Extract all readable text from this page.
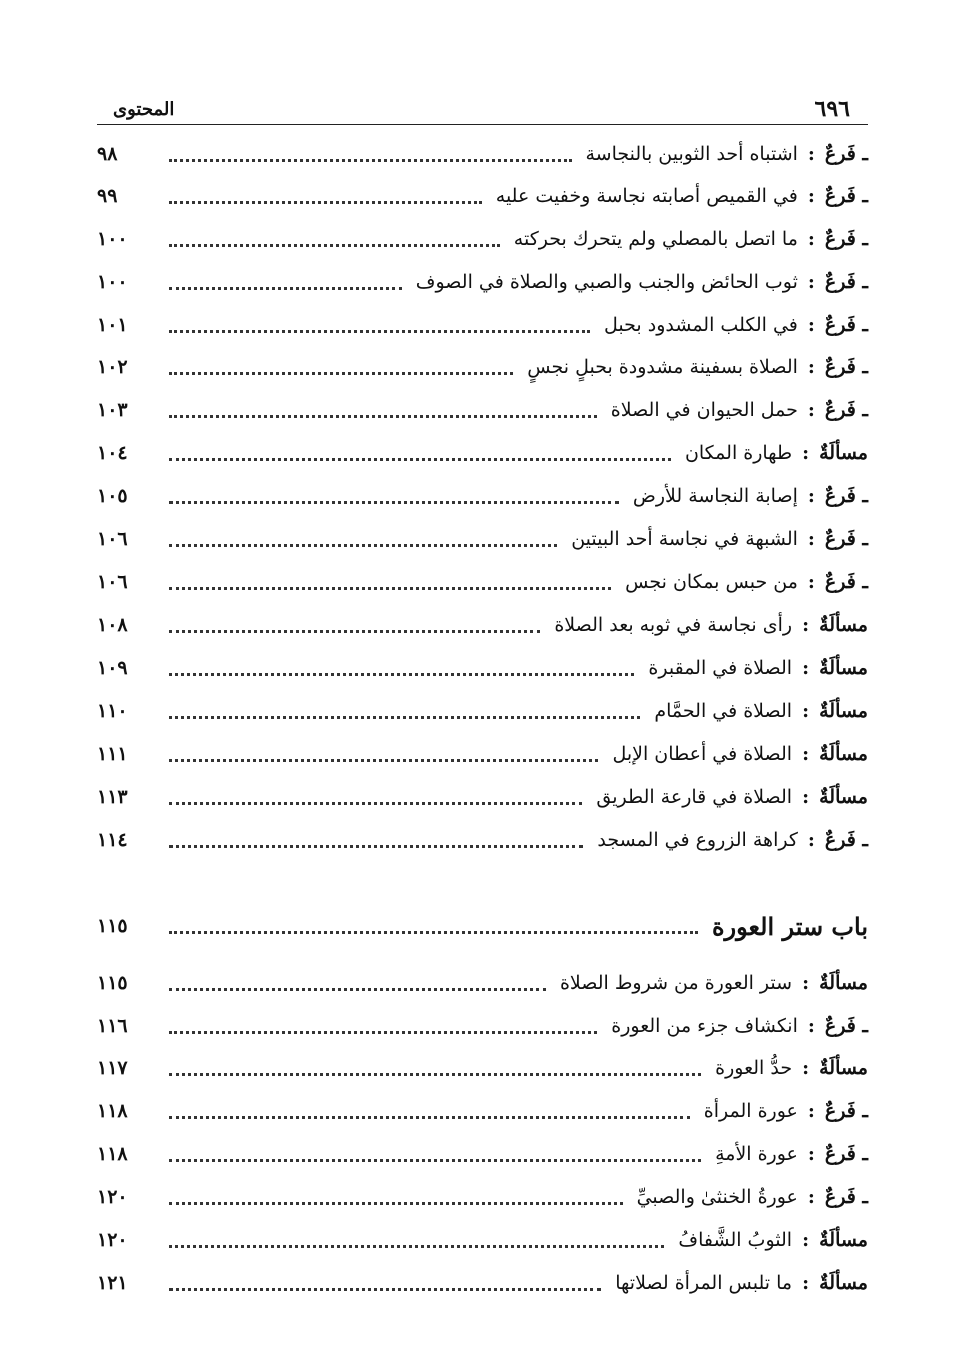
المحتوى	٦٩٦
ـ فَرعٌ
:
اشتباه أحد الثوبين بالنجاسة
٩٨
ـ فَرعٌ
:
في القميص أصابته نجاسة وخفيت عليه
٩٩
ـ فَرعٌ
:
ما اتصل بالمصلي ولم يتحرك بحركته
١٠٠
ـ فَرعٌ
:
ثوب الحائض والجنب والصبي والصلاة في الصوف
١٠٠
ـ فَرعٌ
:
في الكلب المشدود بحبل
١٠١
ـ فَرعٌ
:
الصلاة بسفينة مشدودة بحبلٍ نجسٍ
١٠٢
ـ فَرعٌ
:
حمل الحيوان في الصلاة
١٠٣
مسألَةٌ
:
طهارة المكان
١٠٤
ـ فَرعٌ
:
إصابة النجاسة للأرض
١٠٥
ـ فَرعٌ
:
الشبهة في نجاسة أحد البيتين
١٠٦
ـ فَرعٌ
:
من حبس بمكان نجس
١٠٦
مسألَةٌ
:
رأى نجاسة في ثوبه بعد الصلاة
١٠٨
مسألَةٌ
:
الصلاة في المقبرة
١٠٩
مسألَةٌ
:
الصلاة في الحمَّام
١١٠
مسألَةٌ
:
الصلاة في أعطان الإبل
١١١
مسألَةٌ
:
الصلاة في قارعة الطريق
١١٣
ـ فَرعٌ
:
كراهة الزروع في المسجد
١١٤
باب ستر العورة
١١٥
مسألَةٌ
:
ستر العورة من شروط الصلاة
١١٥
ـ فَرعٌ
:
انكشاف جزء من العورة
١١٦
مسألَةٌ
:
حدُّ العورة
١١٧
ـ فَرعٌ
:
عورة المرأة
١١٨
ـ فَرعٌ
:
عورة الأمةِ
١١٨
ـ فَرعٌ
:
عورةُ الخنثىٰ والصبيِّ
١٢٠
مسألَةٌ
:
الثوبُ الشَّفافُ
١٢٠
مسألَةٌ
:
ما تلبس المرأة لصلاتها
١٢١
